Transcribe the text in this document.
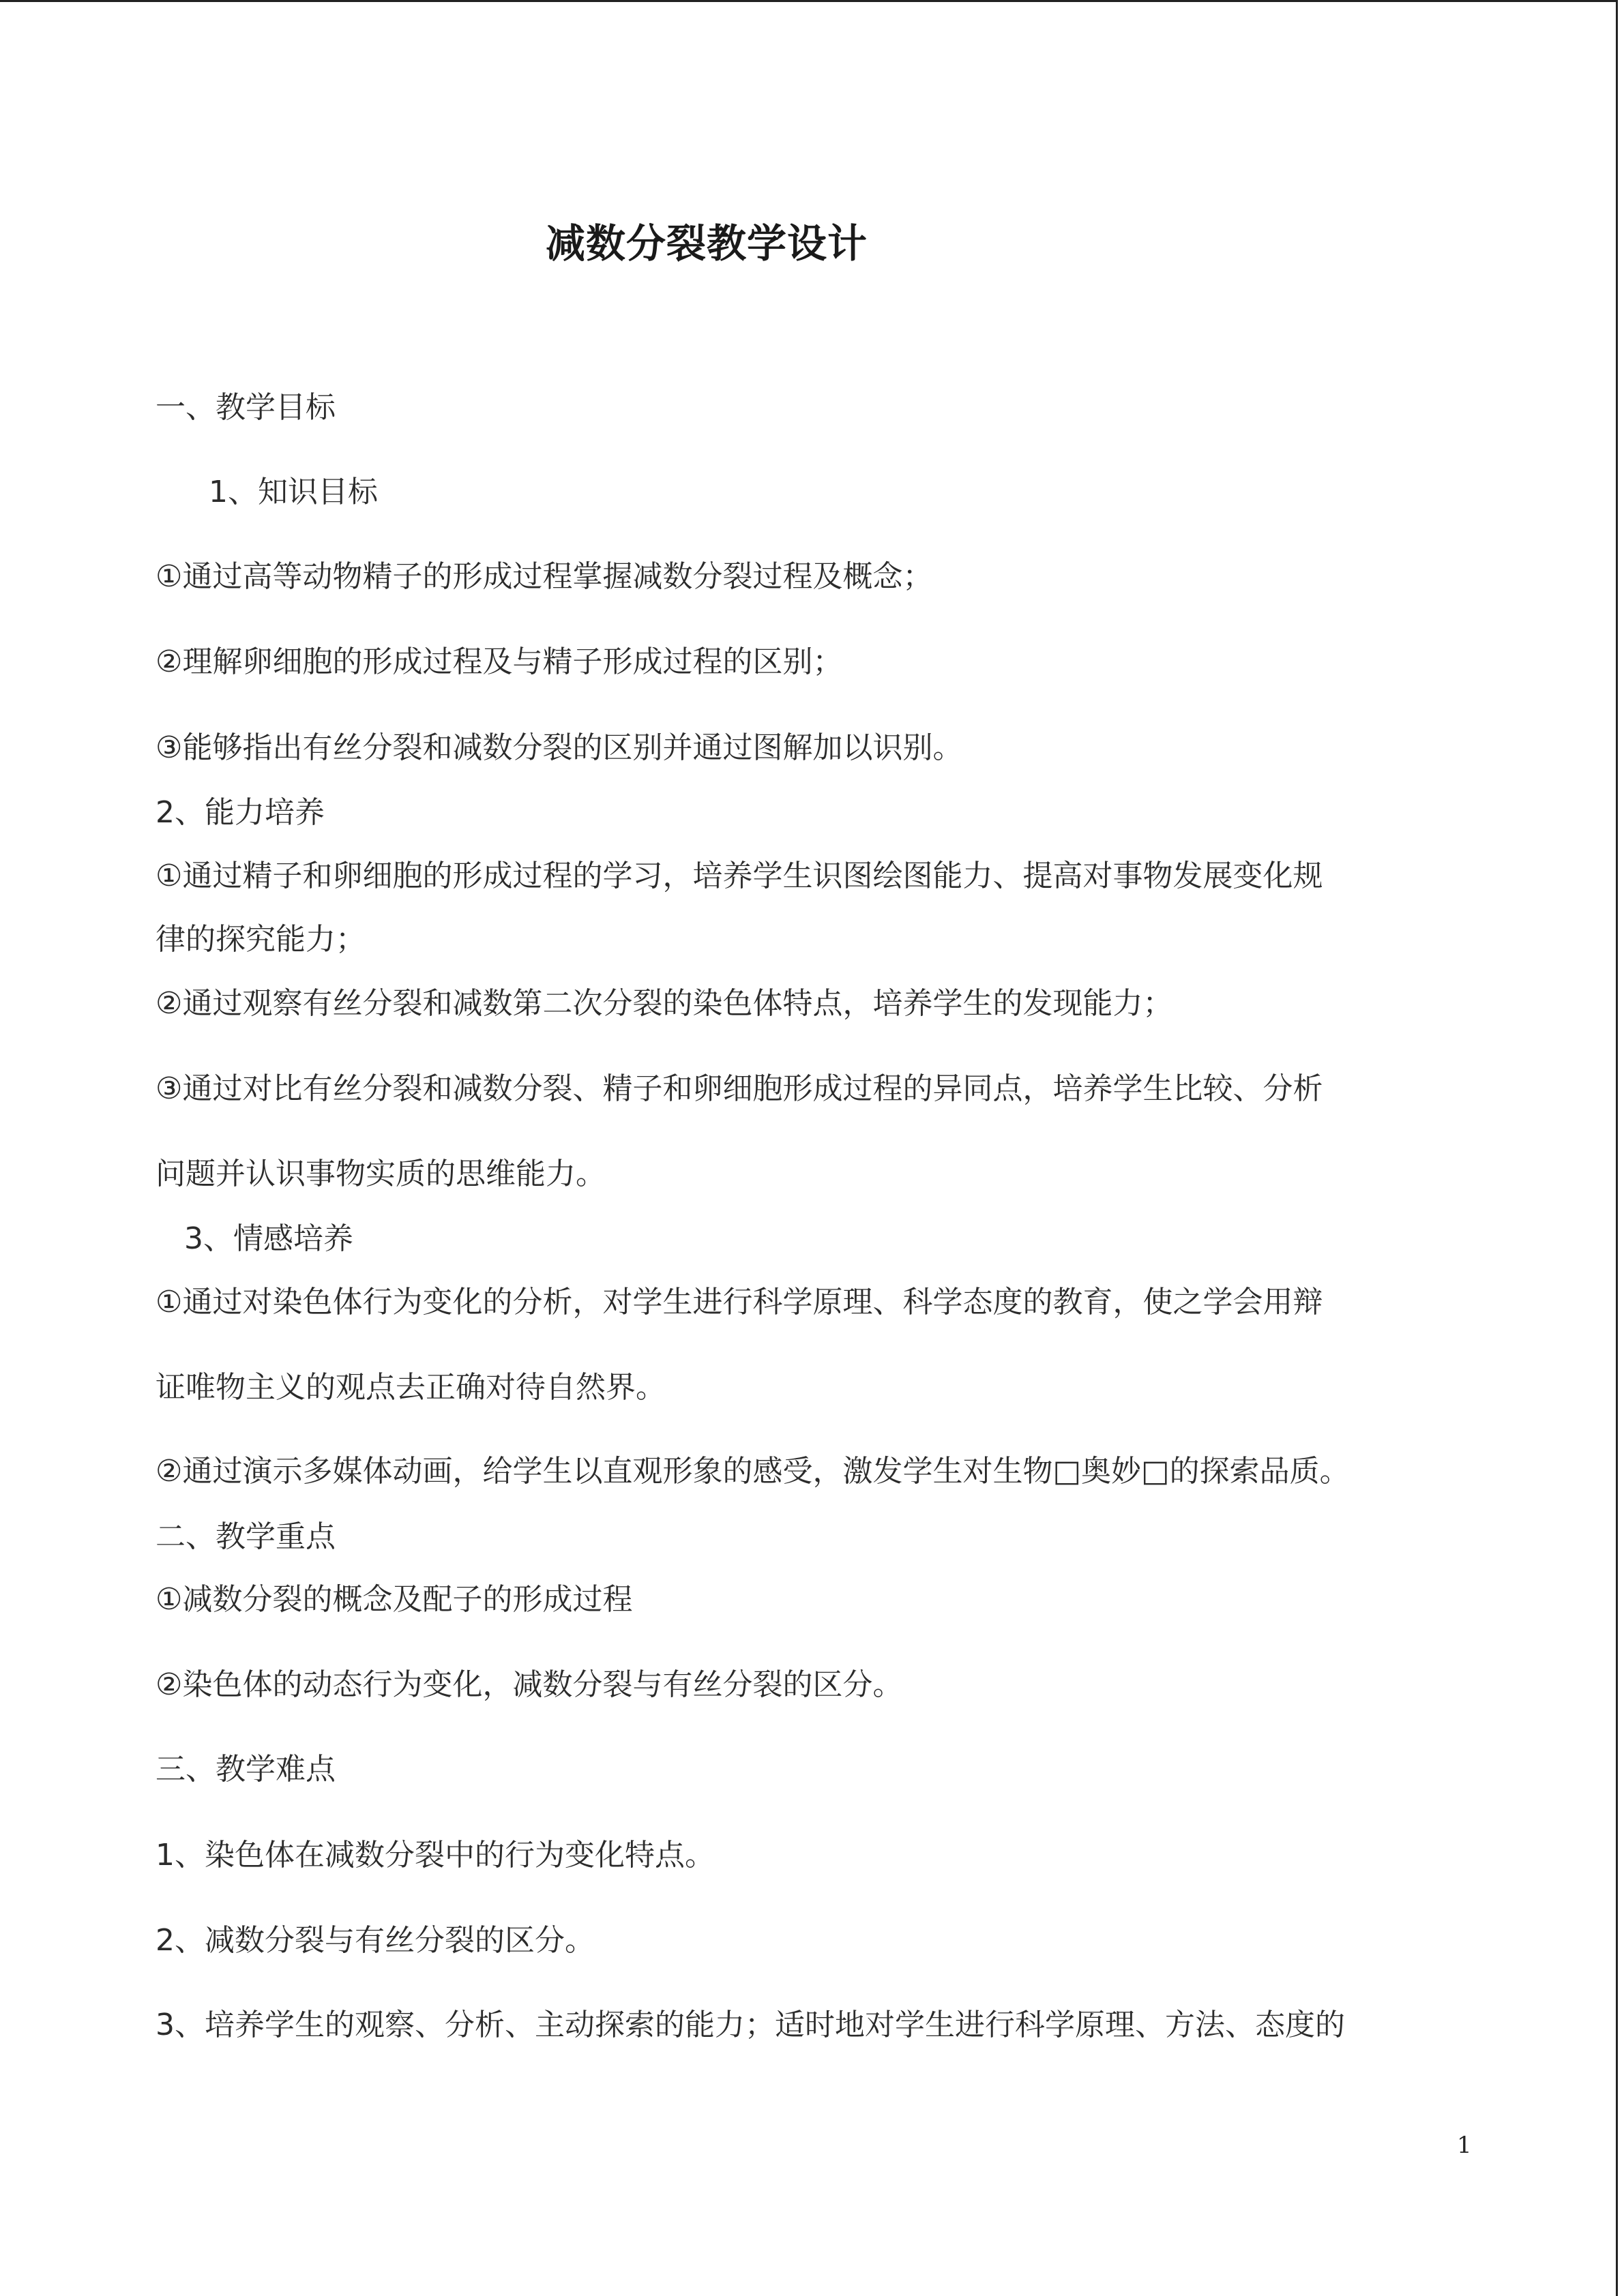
减数分裂教学设计
一、教学目标
1、知识目标
①通过高等动物精子的形成过程掌握减数分裂过程及概念；
②理解卵细胞的形成过程及与精子形成过程的区别；
③能够指出有丝分裂和减数分裂的区别并通过图解加以识别。
2、能力培养
①通过精子和卵细胞的形成过程的学习，培养学生识图绘图能力、提高对事物发展变化规
律的探究能力；
②通过观察有丝分裂和减数第二次分裂的染色体特点，培养学生的发现能力；
③通过对比有丝分裂和减数分裂、精子和卵细胞形成过程的异同点，培养学生比较、分析
问题并认识事物实质的思维能力。
3、情感培养
①通过对染色体行为变化的分析，对学生进行科学原理、科学态度的教育，使之学会用辩
证唯物主义的观点去正确对待自然界。
②通过演示多媒体动画，给学生以直观形象的感受，激发学生对生物□奥妙□的探索品质。
二、教学重点
①减数分裂的概念及配子的形成过程
②染色体的动态行为变化，减数分裂与有丝分裂的区分。
三、教学难点
1、染色体在减数分裂中的行为变化特点。
2、减数分裂与有丝分裂的区分。
3、培养学生的观察、分析、主动探索的能力；适时地对学生进行科学原理、方法、态度的
1
